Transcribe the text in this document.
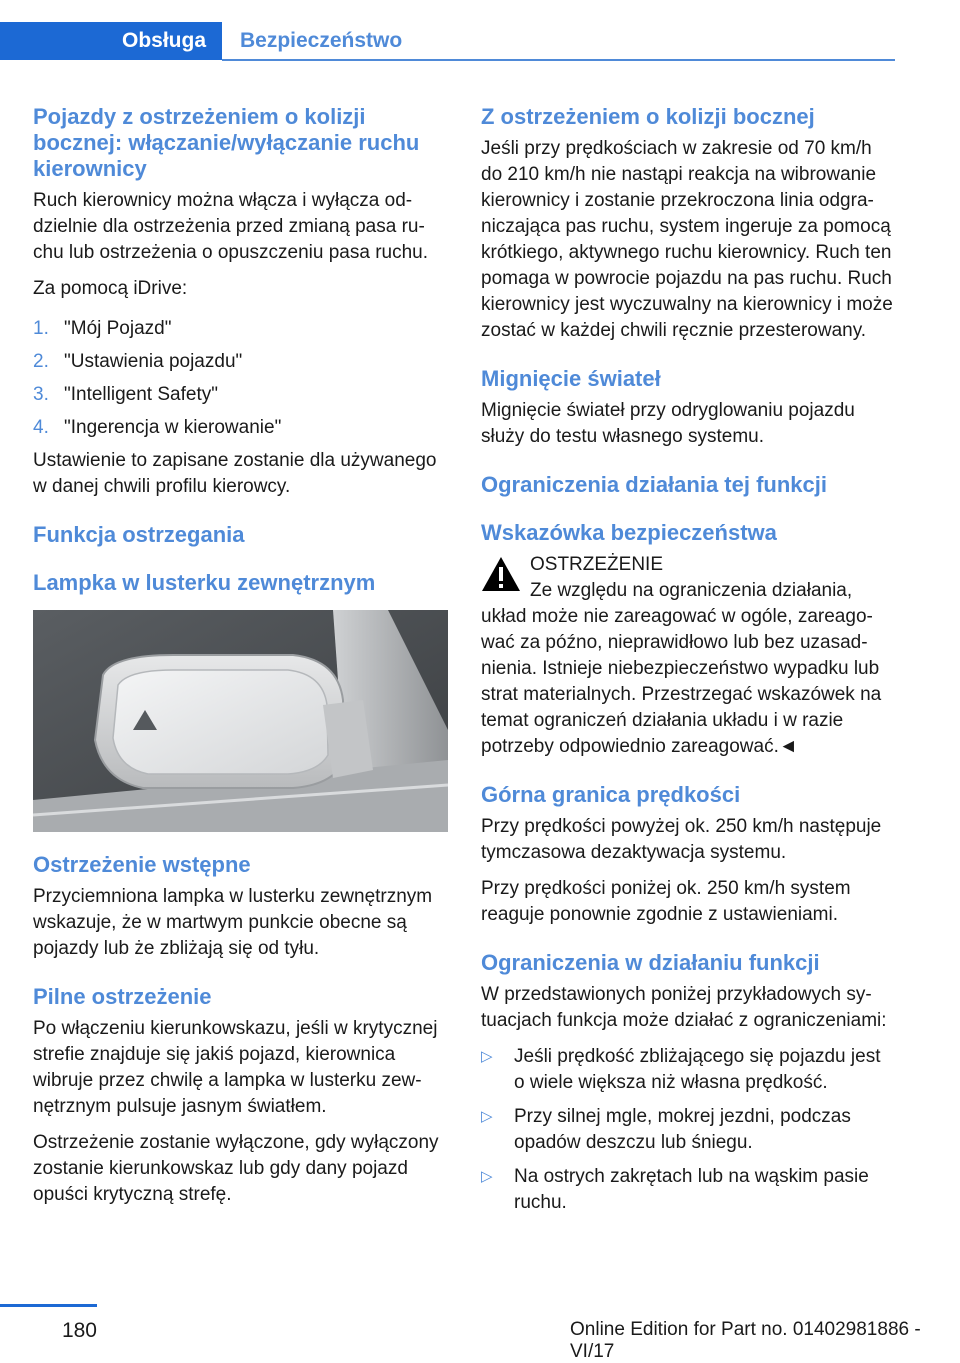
Obsługa Bezpieczeństwo
Pojazdy z ostrzeżeniem o kolizji bocznej: włączanie/wyłączanie ruchu kierownicy

Ruch kierownicy można włącza i wyłącza oddzielnie dla ostrzeżenia przed zmianą pasa ruchu lub ostrzeżenia o opuszczeniu pasa ruchu.

Za pomocą iDrive:

1. "Mój Pojazd"
2. "Ustawienia pojazdu"
3. "Intelligent Safety"
4. "Ingerencja w kierowanie"

Ustawienie to zapisane zostanie dla używanego w danej chwili profilu kierowcy.

Funkcja ostrzegania
Lampka w lusterku zewnętrznym
Ostrzeżenie wstępne

Przyciemniona lampka w lusterku zewnętrznym wskazuje, że w martwym punkcie obecne są pojazdy lub że zbliżają się od tyłu.

Pilne ostrzeżenie

Po włączeniu kierunkowskazu, jeśli w krytycznej strefie znajduje się jakiś pojazd, kierownica wibruje przez chwilę a lampka w lusterku zewnętrznym pulsuje jasnym światłem.

Ostrzeżenie zostanie wyłączone, gdy wyłączony zostanie kierunkowskaz lub gdy dany pojazd opuści krytyczną strefę.

Z ostrzeżeniem o kolizji bocznej

Jeśli przy prędkościach w zakresie od 70 km/h do 210 km/h nie nastąpi reakcja na wibrowanie kierownicy i zostanie przekroczona linia odgraniczająca pas ruchu, system ingeruje za pomocą krótkiego, aktywnego ruchu kierownicy. Ruch ten pomaga w powrocie pojazdu na pas ruchu. Ruch kierownicy jest wyczuwalny na kierownicy i może zostać w każdej chwili ręcznie przesterowany.

Mignięcie świateł

Mignięcie świateł przy odryglowaniu pojazdu służy do testu własnego systemu.

Ograniczenia działania tej funkcji
Wskazówka bezpieczeństwa

OSTRZEŻENIE

Ze względu na ograniczenia działania,

układ może nie zareagować w ogóle, zareagować za późno, nieprawidłowo lub bez uzasadnienia. Istnieje niebezpieczeństwo wypadku lub strat materialnych. Przestrzegać wskazówek na temat ograniczeń działania układu i w razie potrzeby odpowiednio zareagować.◄

Górna granica prędkości

Przy prędkości powyżej ok. 250 km/h następuje tymczasowa dezaktywacja systemu.

Przy prędkości poniżej ok. 250 km/h system reaguje ponownie zgodnie z ustawieniami.

Ograniczenia w działaniu funkcji

W przedstawionych poniżej przykładowych sytuacjach funkcja może działać z ograniczeniami:

▷ Jeśli prędkość zbliżającego się pojazdu jest o wiele większa niż własna prędkość.
▷ Przy silnej mgle, mokrej jezdni, podczas opadów deszczu lub śniegu.
▷ Na ostrych zakrętach lub na wąskim pasie ruchu.
180	Online Edition for Part no. 01402981886 - VI/17
